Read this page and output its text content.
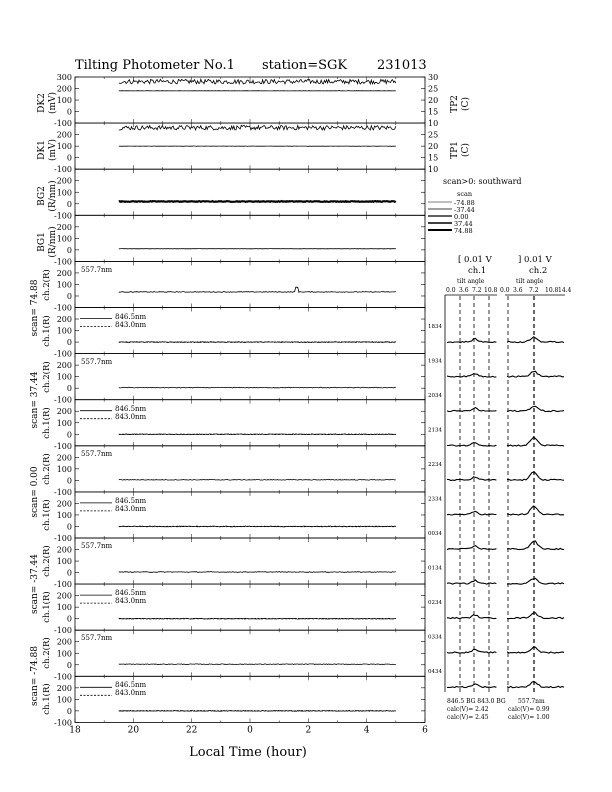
Tilting Photometer No.1 station=SGK 231013
300
200
100
0
-100
30
25
20
15
10
200
100
0
-100
25
20
15
10
200
100
0
-100
200
100
0
-100
200
100
0
-100
200
100
0
-100
200
100
0
-100
200
100
0
-100
200
100
0
-100
200
100
0
-100
200
100
0
-100
200
100
0
-100
200
100
0
-100
200
100
0
-100
18	20	22	0	2	4	6
DK2 (mV)	TP2 (C)
DK1 (mV)	TP1 (C)
BG2 (R/nm)
BG1 (R/nm)
scan= 74.88
scan= 37.44
scan= 0.00
scan= -37.44
scan= -74.88
ch.2(R)
ch.1(R)
ch.2(R)
ch.1(R)
ch.2(R)
ch.1(R)
ch.2(R)
ch.1(R)
ch.2(R)
ch.1(R)
557.7nm
557.7nm
557.7nm
557.7nm
557.7nm
846.5nm
843.0nm
846.5nm
843.0nm
846.5nm
843.0nm
846.5nm
843.0nm
846.5nm
843.0nm
Local Time (hour)
scan>0: southward
scan
-74.88
-37.44
0.00
37.44
74.88
[ 0.01 V
ch.1
] 0.01 V
ch.2
tilt angle	tilt angle
0.0 3.6 7.2 10.8 0.0 3.6 7.2 10.8 14.4
846.5 BG 843.0 BG 557.7nm
calc(V)= 2.42
calc(V)= 2.45
calc(V)= 0.99
calc(V)= 1.00
1834
1934
2034
2134
2234
2334
0034
0134
0234
0334
0434
